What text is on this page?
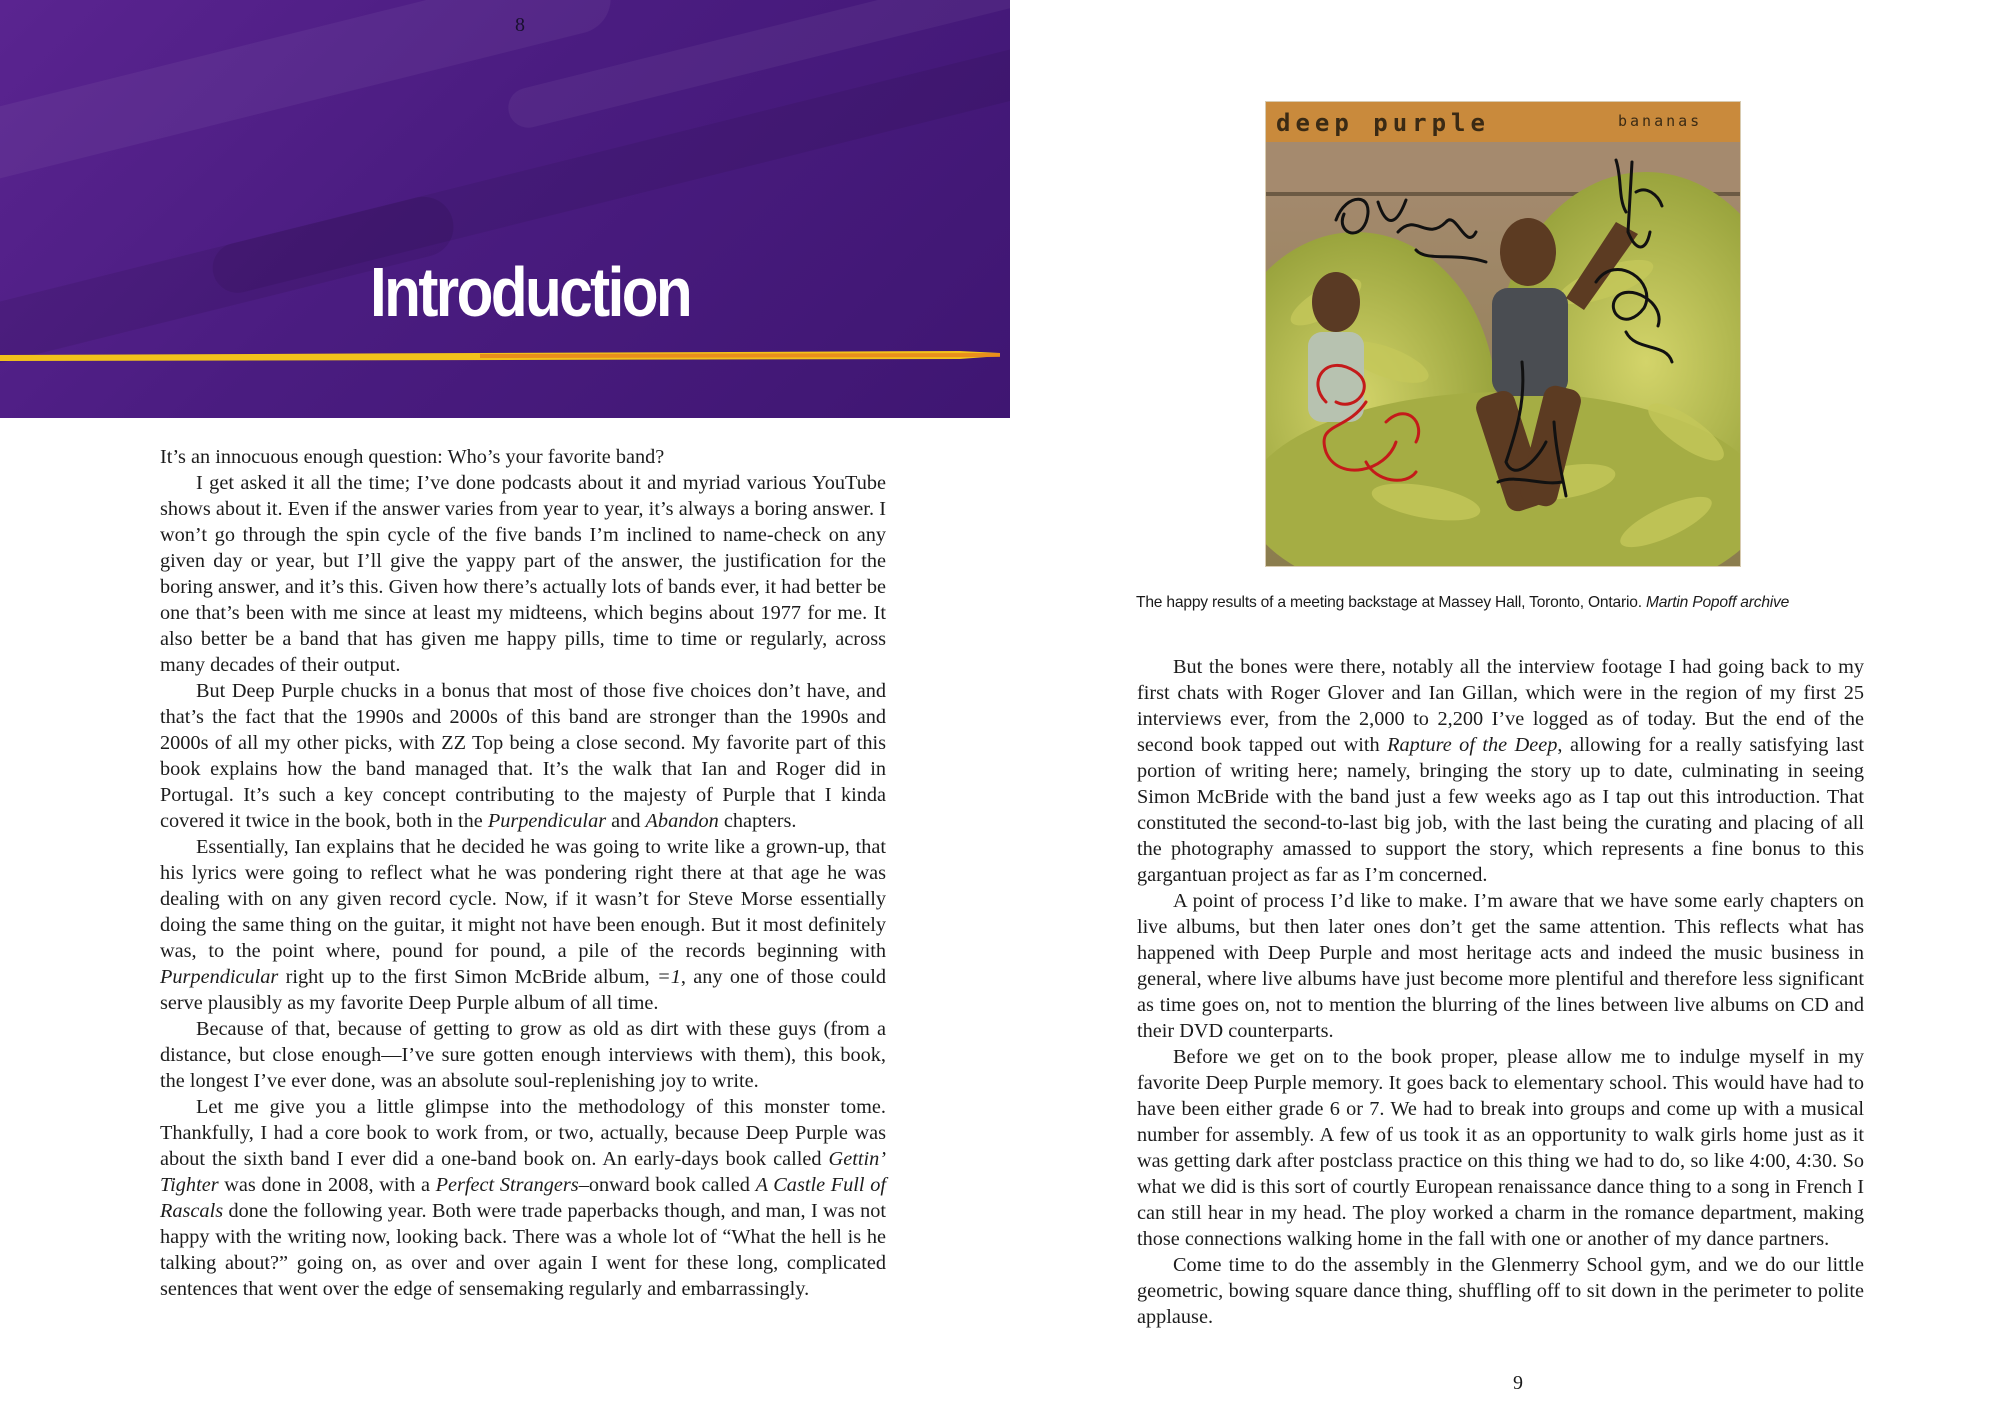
8
Introduction

It’s an innocuous enough question: Who’s your favorite band?

I get asked it all the time; I’ve done podcasts about it and myriad various YouTube shows about it. Even if the answer varies from year to year, it’s always a boring answer. I won’t go through the spin cycle of the five bands I’m inclined to name-check on any given day or year, but I’ll give the yappy part of the answer, the justification for the boring answer, and it’s this. Given how there’s actually lots of bands ever, it had better be one that’s been with me since at least my midteens, which begins about 1977 for me. It also better be a band that has given me happy pills, time to time or regularly, across many decades of their output.

But Deep Purple chucks in a bonus that most of those five choices don’t have, and that’s the fact that the 1990s and 2000s of this band are stronger than the 1990s and 2000s of all my other picks, with ZZ Top being a close second. My favorite part of this book explains how the band managed that. It’s the walk that Ian and Roger did in Portugal. It’s such a key concept contributing to the majesty of Purple that I kinda covered it twice in the book, both in the Purpendicular and Abandon chapters.

Essentially, Ian explains that he decided he was going to write like a grown-up, that his lyrics were going to reflect what he was pondering right there at that age he was dealing with on any given record cycle. Now, if it wasn’t for Steve Morse essentially doing the same thing on the guitar, it might not have been enough. But it most definitely was, to the point where, pound for pound, a pile of the records beginning with Purpendicular right up to the first Simon McBride album, =1, any one of those could serve plausibly as my favorite Deep Purple album of all time.

Because of that, because of getting to grow as old as dirt with these guys (from a distance, but close enough—I’ve sure gotten enough interviews with them), this book, the longest I’ve ever done, was an absolute soul-replenishing joy to write.

Let me give you a little glimpse into the methodology of this monster tome. Thankfully, I had a core book to work from, or two, actually, because Deep Purple was about the sixth band I ever did a one-band book on. An early-days book called Gettin’ Tighter was done in 2008, with a Perfect Strangers–onward book called A Castle Full of Rascals done the following year. Both were trade paperbacks though, and man, I was not happy with the writing now, looking back. There was a whole lot of “What the hell is he talking about?” going on, as over and over again I went for these long, complicated sentences that went over the edge of sensemaking regularly and embarrassingly.

deep purple	bananas
The happy results of a meeting backstage at Massey Hall, Toronto, Ontario. Martin Popoff archive

But the bones were there, notably all the interview footage I had going back to my first chats with Roger Glover and Ian Gillan, which were in the region of my first 25 interviews ever, from the 2,000 to 2,200 I’ve logged as of today. But the end of the second book tapped out with Rapture of the Deep, allowing for a really satisfying last portion of writing here; namely, bringing the story up to date, culminating in seeing Simon McBride with the band just a few weeks ago as I tap out this introduction. That constituted the second-to-last big job, with the last being the curating and placing of all the photography amassed to support the story, which represents a fine bonus to this gargantuan project as far as I’m concerned.

A point of process I’d like to make. I’m aware that we have some early chapters on live albums, but then later ones don’t get the same attention. This reflects what has happened with Deep Purple and most heritage acts and indeed the music business in general, where live albums have just become more plentiful and therefore less significant as time goes on, not to mention the blurring of the lines between live albums on CD and their DVD counterparts.

Before we get on to the book proper, please allow me to indulge myself in my favorite Deep Purple memory. It goes back to elementary school. This would have had to have been either grade 6 or 7. We had to break into groups and come up with a musical number for assembly. A few of us took it as an opportunity to walk girls home just as it was getting dark after postclass practice on this thing we had to do, so like 4:00, 4:30. So what we did is this sort of courtly European renaissance dance thing to a song in French I can still hear in my head. The ploy worked a charm in the romance department, making those connections walking home in the fall with one or another of my dance partners.

Come time to do the assembly in the Glenmerry School gym, and we do our little geometric, bowing square dance thing, shuffling off to sit down in the perimeter to polite applause.

9
